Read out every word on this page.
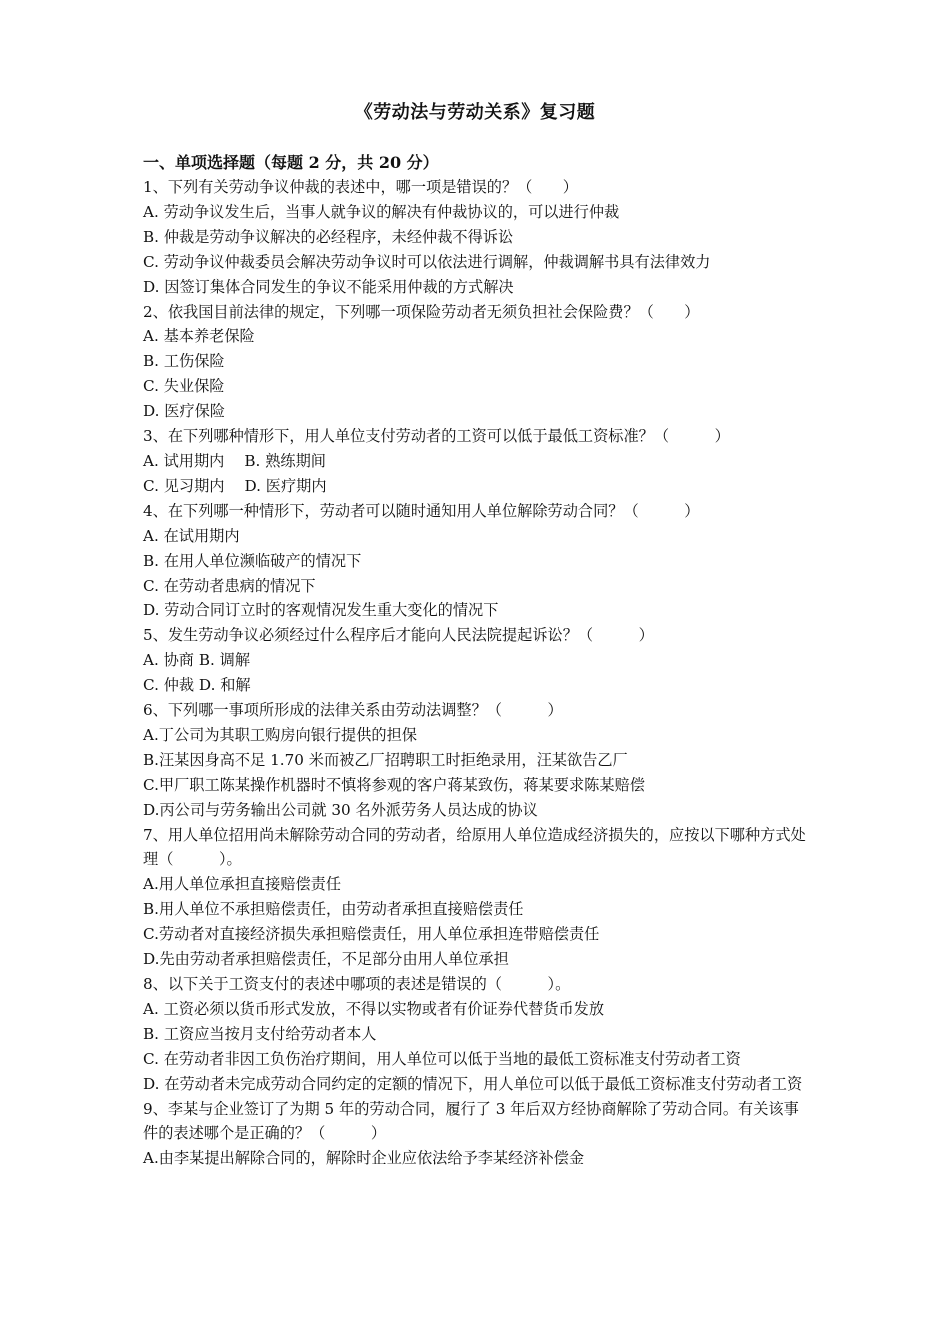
《劳动法与劳动关系》复习题
一、单项选择题（每题 2 分，共 20 分）
1、下列有关劳动争议仲裁的表述中，哪一项是错误的？（　　）
A. 劳动争议发生后，当事人就争议的解决有仲裁协议的，可以进行仲裁
B. 仲裁是劳动争议解决的必经程序，未经仲裁不得诉讼
C. 劳动争议仲裁委员会解决劳动争议时可以依法进行调解，仲裁调解书具有法律效力
D. 因签订集体合同发生的争议不能采用仲裁的方式解决
2、依我国目前法律的规定，下列哪一项保险劳动者无须负担社会保险费？（　　）
A. 基本养老保险
B. 工伤保险
C. 失业保险
D. 医疗保险
3、在下列哪种情形下，用人单位支付劳动者的工资可以低于最低工资标准？（　　　）
A. 试用期内　 B. 熟练期间
C. 见习期内　 D. 医疗期内
4、在下列哪一种情形下，劳动者可以随时通知用人单位解除劳动合同？（　　　）
A. 在试用期内
B. 在用人单位濒临破产的情况下
C. 在劳动者患病的情况下
D. 劳动合同订立时的客观情况发生重大变化的情况下
5、发生劳动争议必须经过什么程序后才能向人民法院提起诉讼？（　　　）
A. 协商 B. 调解
C. 仲裁 D. 和解
6、下列哪一事项所形成的法律关系由劳动法调整？（　　　）
A.丁公司为其职工购房向银行提供的担保
B.汪某因身高不足 1.70 米而被乙厂招聘职工时拒绝录用，汪某欲告乙厂
C.甲厂职工陈某操作机器时不慎将参观的客户蒋某致伤，蒋某要求陈某赔偿
D.丙公司与劳务输出公司就 30 名外派劳务人员达成的协议
7、用人单位招用尚未解除劳动合同的劳动者，给原用人单位造成经济损失的，应按以下哪种方式处理（　　　）。
A.用人单位承担直接赔偿责任
B.用人单位不承担赔偿责任，由劳动者承担直接赔偿责任
C.劳动者对直接经济损失承担赔偿责任，用人单位承担连带赔偿责任
D.先由劳动者承担赔偿责任，不足部分由用人单位承担
8、以下关于工资支付的表述中哪项的表述是错误的（　　　）。
A. 工资必须以货币形式发放，不得以实物或者有价证券代替货币发放
B. 工资应当按月支付给劳动者本人
C. 在劳动者非因工负伤治疗期间，用人单位可以低于当地的最低工资标准支付劳动者工资
D. 在劳动者未完成劳动合同约定的定额的情况下，用人单位可以低于最低工资标准支付劳动者工资
9、李某与企业签订了为期 5 年的劳动合同，履行了 3 年后双方经协商解除了劳动合同。有关该事件的表述哪个是正确的？（　　　）
A.由李某提出解除合同的，解除时企业应依法给予李某经济补偿金
